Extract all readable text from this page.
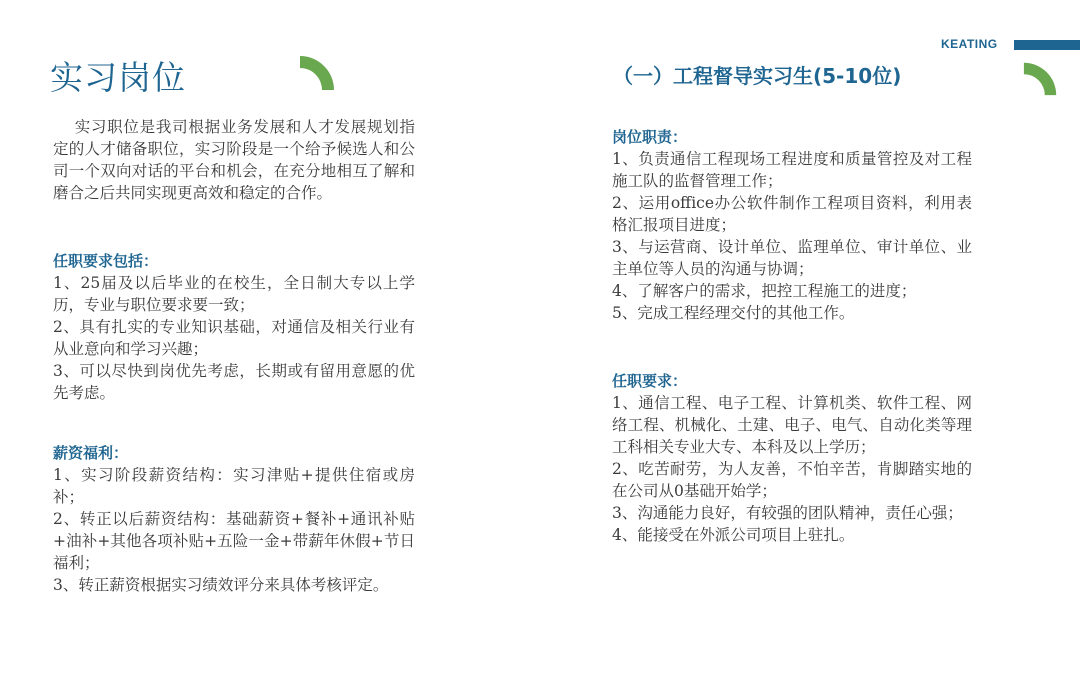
实习岗位
KEATING
（一）工程督导实习生(5-10位)

实习职位是我司根据业务发展和人才发展规划指定的人才储备职位，实习阶段是一个给予候选人和公司一个双向对话的平台和机会，在充分地相互了解和磨合之后共同实现更高效和稳定的合作。

任职要求包括：

1、25届及以后毕业的在校生，全日制大专以上学历，专业与职位要求要一致；

2、具有扎实的专业知识基础，对通信及相关行业有从业意向和学习兴趣；

3、可以尽快到岗优先考虑，长期或有留用意愿的优先考虑。

薪资福利：

1、实习阶段薪资结构：实习津贴+提供住宿或房补；

2、转正以后薪资结构：基础薪资+餐补+通讯补贴+油补+其他各项补贴+五险一金+带薪年休假+节日福利；

3、转正薪资根据实习绩效评分来具体考核评定。

岗位职责：

1、负责通信工程现场工程进度和质量管控及对工程施工队的监督管理工作；

2、运用office办公软件制作工程项目资料，利用表格汇报项目进度；

3、与运营商、设计单位、监理单位、审计单位、业主单位等人员的沟通与协调；

4、了解客户的需求，把控工程施工的进度；

5、完成工程经理交付的其他工作。

任职要求：

1、通信工程、电子工程、计算机类、软件工程、网络工程、机械化、土建、电子、电气、自动化类等理工科相关专业大专、本科及以上学历；

2、吃苦耐劳，为人友善，不怕辛苦，肯脚踏实地的在公司从0基础开始学；

3、沟通能力良好，有较强的团队精神，责任心强；

4、能接受在外派公司项目上驻扎。
